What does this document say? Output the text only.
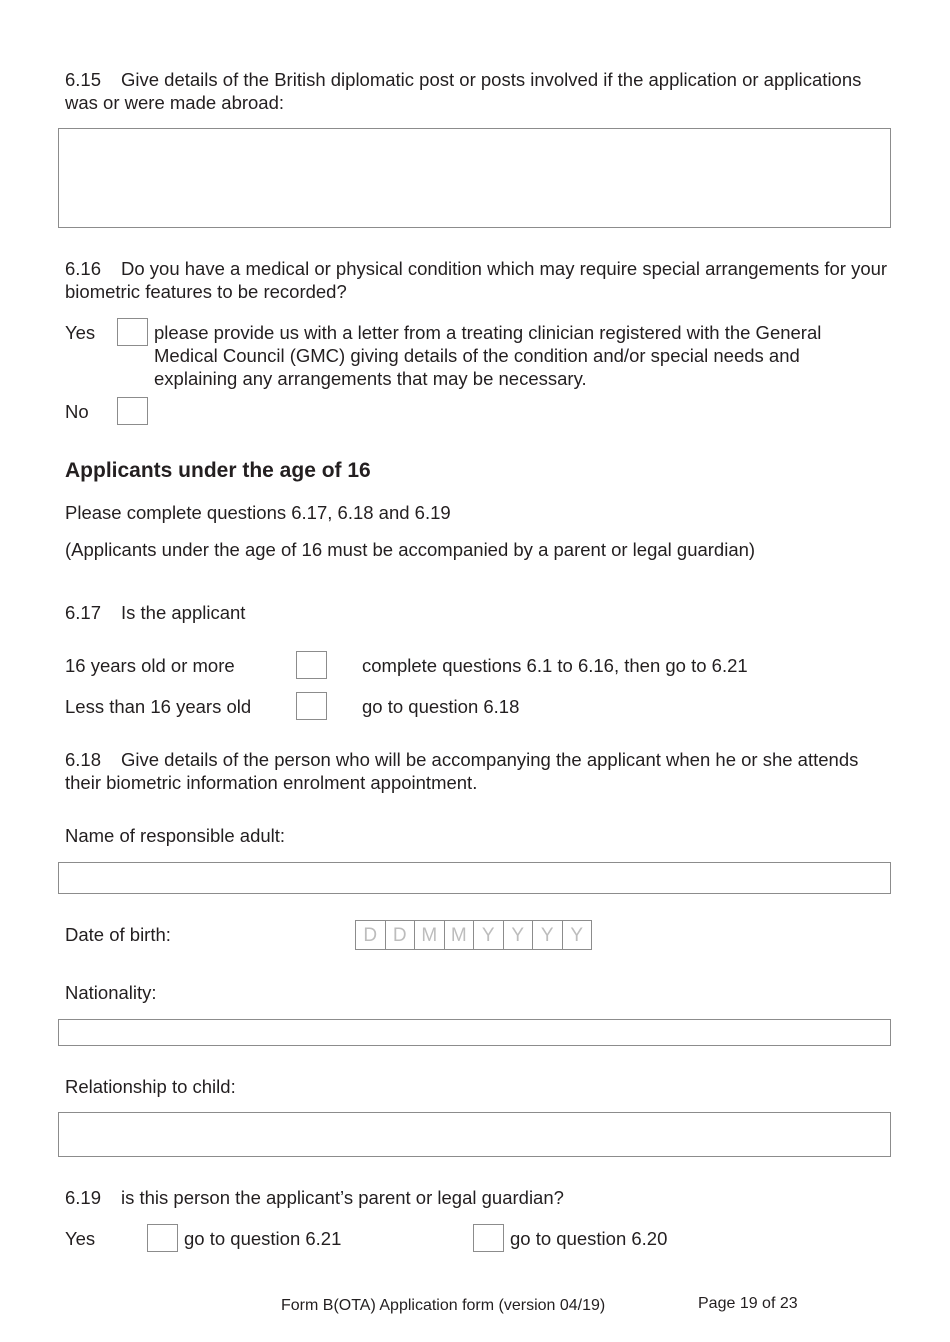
6.15 Give details of the British diplomatic post or posts involved if the application or applications was or were made abroad:
6.16 Do you have a medical or physical condition which may require special arrangements for your biometric features to be recorded?
Yes	please provide us with a letter from a treating clinician registered with the General Medical Council (GMC) giving details of the condition and/or special needs and explaining any arrangements that may be necessary.
No
Applicants under the age of 16
Please complete questions 6.17, 6.18 and 6.19
(Applicants under the age of 16 must be accompanied by a parent or legal guardian)
6.17 Is the applicant
16 years old or more	complete questions 6.1 to 6.16, then go to 6.21
Less than 16 years old	go to question 6.18
6.18 Give details of the person who will be accompanying the applicant when he or she attends their biometric information enrolment appointment.
Name of responsible adult:
Date of birth:	D D M M Y Y Y Y
Nationality:
Relationship to child:
6.19 is this person the applicant’s parent or legal guardian?
Yes	go to question 6.21	go to question 6.20
Form B(OTA) Application form (version 04/19)	Page 19 of 23
